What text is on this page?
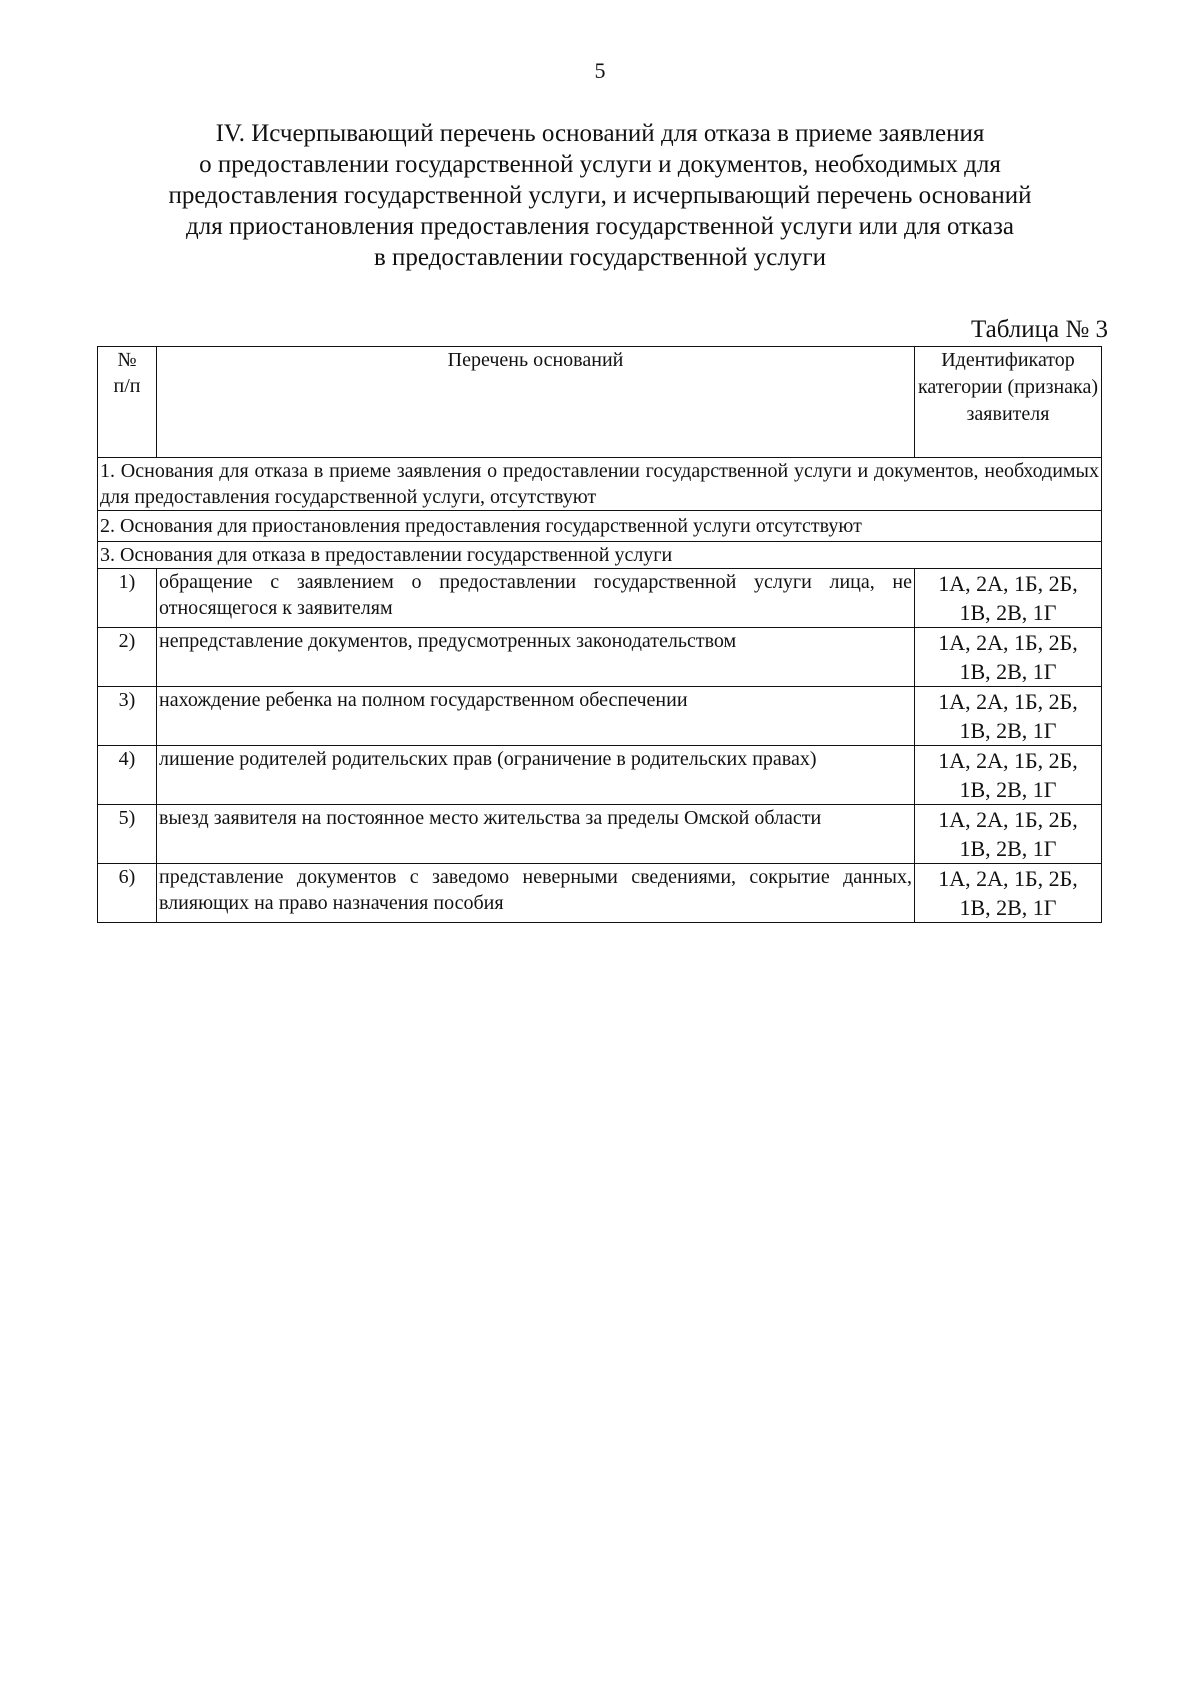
5
IV. Исчерпывающий перечень оснований для отказа в приеме заявления
о предоставлении государственной услуги и документов, необходимых для
предоставления государственной услуги, и исчерпывающий перечень оснований
для приостановления предоставления государственной услуги или для отказа
в предоставлении государственной услуги
Таблица № 3
№
п/п	Перечень оснований	Идентификатор категории (признака) заявителя
1. Основания для отказа в приеме заявления о предоставлении государственной услуги и документов, необходимых для предоставления государственной услуги, отсутствуют		
2. Основания для приостановления предоставления государственной услуги отсутствуют		
3. Основания для отказа в предоставлении государственной услуги		
1)	обращение с заявлением о предоставлении государственной услуги лица, не относящегося к заявителям	1А, 2А, 1Б, 2Б,
1В, 2В, 1Г

2)	непредставление документов, предусмотренных законодательством	1А, 2А, 1Б, 2Б,
1В, 2В, 1Г

3)	нахождение ребенка на полном государственном обеспечении	1А, 2А, 1Б, 2Б,
1В, 2В, 1Г

4)	лишение родителей родительских прав (ограничение в родительских правах)	1А, 2А, 1Б, 2Б,
1В, 2В, 1Г

5)	выезд заявителя на постоянное место жительства за пределы Омской области	1А, 2А, 1Б, 2Б,
1В, 2В, 1Г

6)	представление документов с заведомо неверными сведениями, сокрытие данных, влияющих на право назначения пособия	1А, 2А, 1Б, 2Б,
1В, 2В, 1Г
